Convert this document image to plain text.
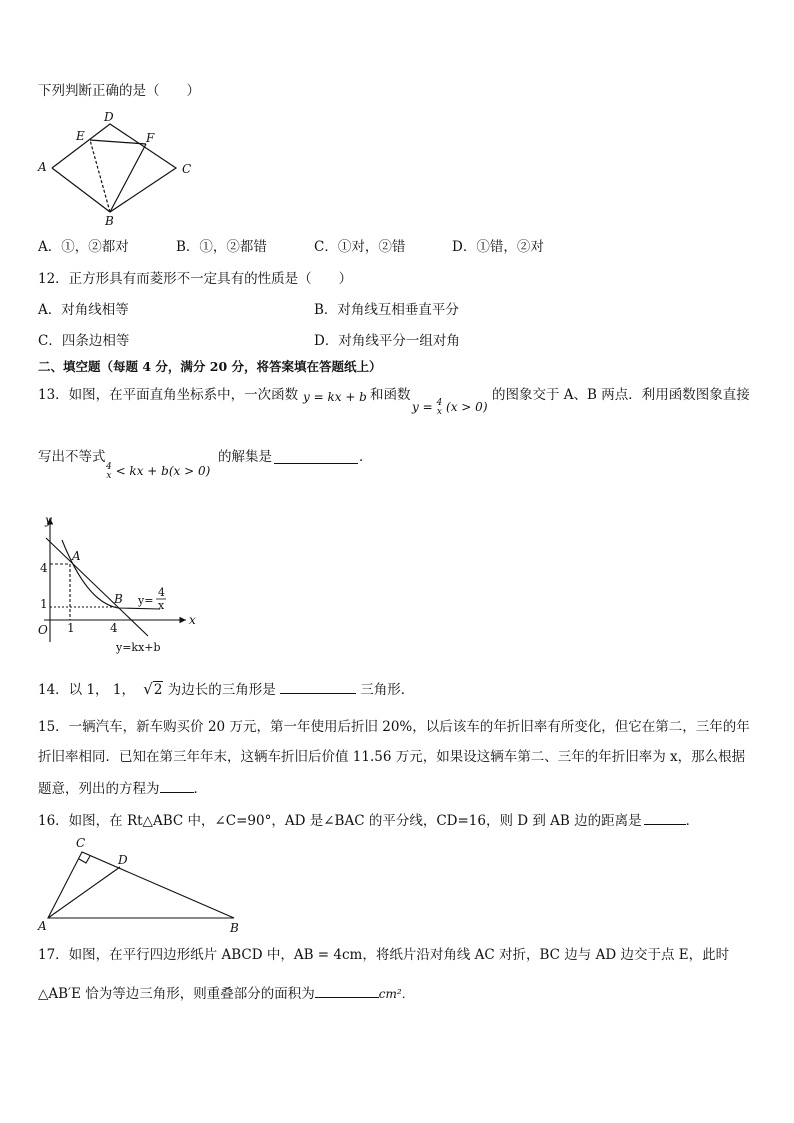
下列判断正确的是（　　）
A
B
C
D
E	F
A．①，②都对	B．①，②都错	C．①对，②错	D．①错，②对
12．正方形具有而菱形不一定具有的性质是（　　）
A．对角线相等	B．对角线互相垂直平分
C．四条边相等	D．对角线平分一组对角
二、填空题（每题 4 分，满分 20 分，将答案填在答题纸上）
13．如图，在平面直角坐标系中，一次函数 y = kx + b 和函数
y = 4
x (x > 0)
的图象交于 A、B 两点．利用函数图象直接
写出不等式
4
x < kx + b(x > 0)
的解集是	．
y
x
O
A
B
4
1
1	4
y=
4
x
y=kx+b
14．以 1， 1， √2 为边长的三角形是	三角形．
15．一辆汽车，新车购买价 20 万元，第一年使用后折旧 20%，以后该车的年折旧率有所变化，但它在第二，三年的年
折旧率相同．已知在第三年年末，这辆车折旧后价值 11.56 万元，如果设这辆车第二、三年的年折旧率为 x，那么根据
题意，列出的方程为	．
16．如图，在 Rt△ABC 中，∠C=90°，AD 是∠BAC 的平分线，CD=16，则 D 到 AB 边的距离是	．
C
D
A	B
17．如图，在平行四边形纸片 ABCD 中，AB = 4cm，将纸片沿对角线 AC 对折，BC 边与 AD 边交于点 E，此时
△AB′E 恰为等边三角形，则重叠部分的面积为	cm²．
